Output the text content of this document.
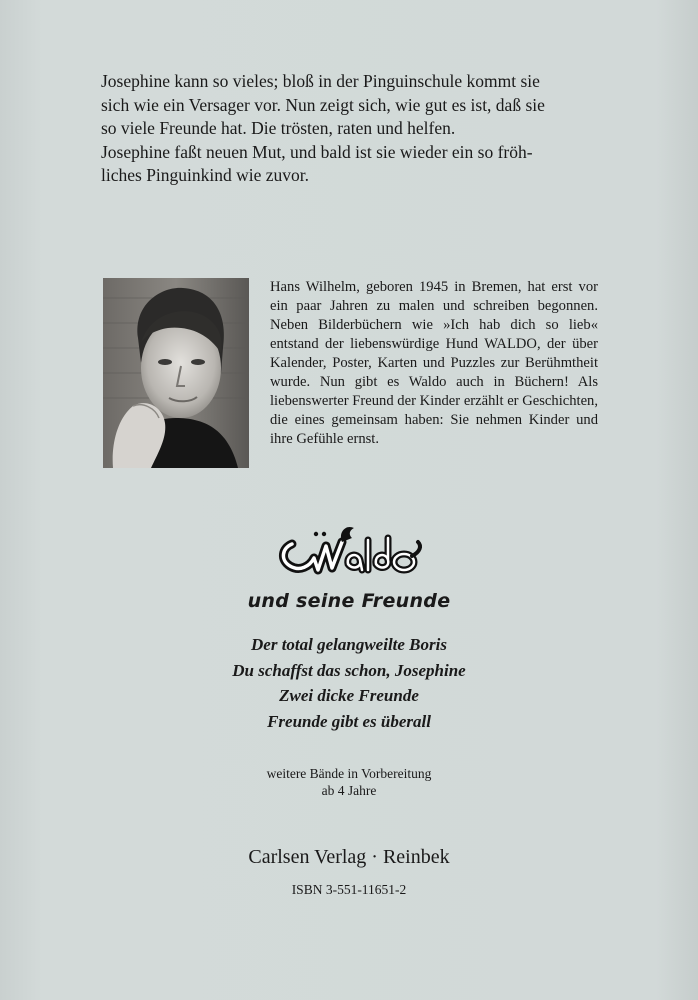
Josephine kann so vieles; bloß in der Pinguinschule kommt sie

sich wie ein Versager vor. Nun zeigt sich, wie gut es ist, daß sie

so viele Freunde hat. Die trösten, raten und helfen.

Josephine faßt neuen Mut, und bald ist sie wieder ein so fröh-

liches Pinguinkind wie zuvor.

Hans Wilhelm, geboren 1945 in Bremen, hat erst vor ein paar Jahren zu malen und schreiben begonnen. Neben Bilderbüchern wie »Ich hab dich so lieb« entstand der liebenswürdige Hund WALDO, der über Kalender, Poster, Karten und Puzzles zur Berühmtheit wurde. Nun gibt es Waldo auch in Büchern! Als liebenswerter Freund der Kinder erzählt er Geschichten, die eines gemeinsam haben: Sie nehmen Kinder und ihre Gefühle ernst.
und seine Freunde
Der total gelangweilte Boris
Du schaffst das schon, Josephine
Zwei dicke Freunde
Freunde gibt es überall
weitere Bände in Vorbereitung
ab 4 Jahre
Carlsen Verlag · Reinbek
ISBN 3-551-11651-2
